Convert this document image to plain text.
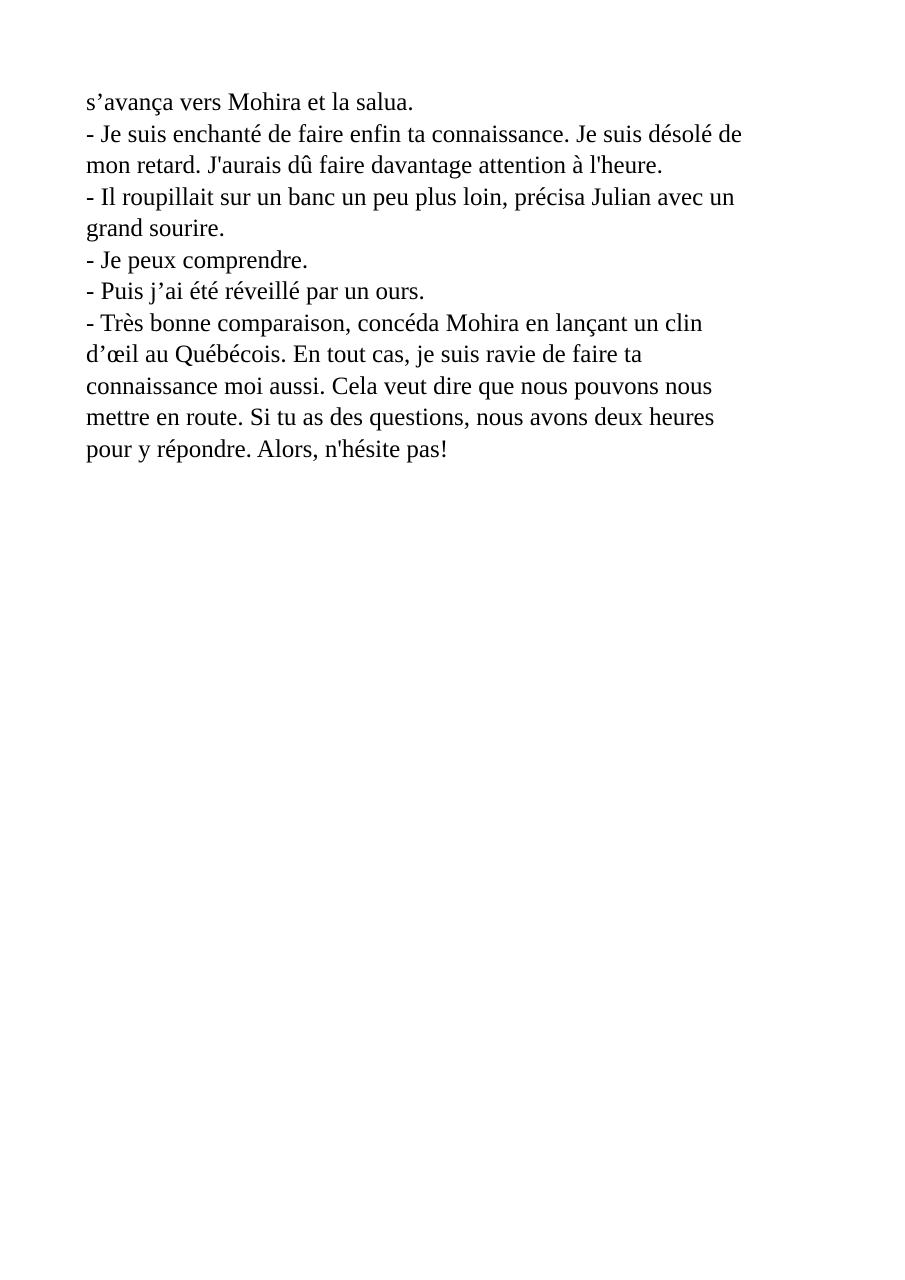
s’avança vers Mohira et la salua.
- Je suis enchanté de faire enfin ta connaissance. Je suis désolé de
mon retard. J'aurais dû faire davantage attention à l'heure.
- Il roupillait sur un banc un peu plus loin, précisa Julian avec un
grand sourire.
- Je peux comprendre.
- Puis j’ai été réveillé par un ours.
- Très bonne comparaison, concéda Mohira en lançant un clin
d’œil au Québécois. En tout cas, je suis ravie de faire ta
connaissance moi aussi. Cela veut dire que nous pouvons nous
mettre en route. Si tu as des questions, nous avons deux heures
pour y répondre. Alors, n'hésite pas!
